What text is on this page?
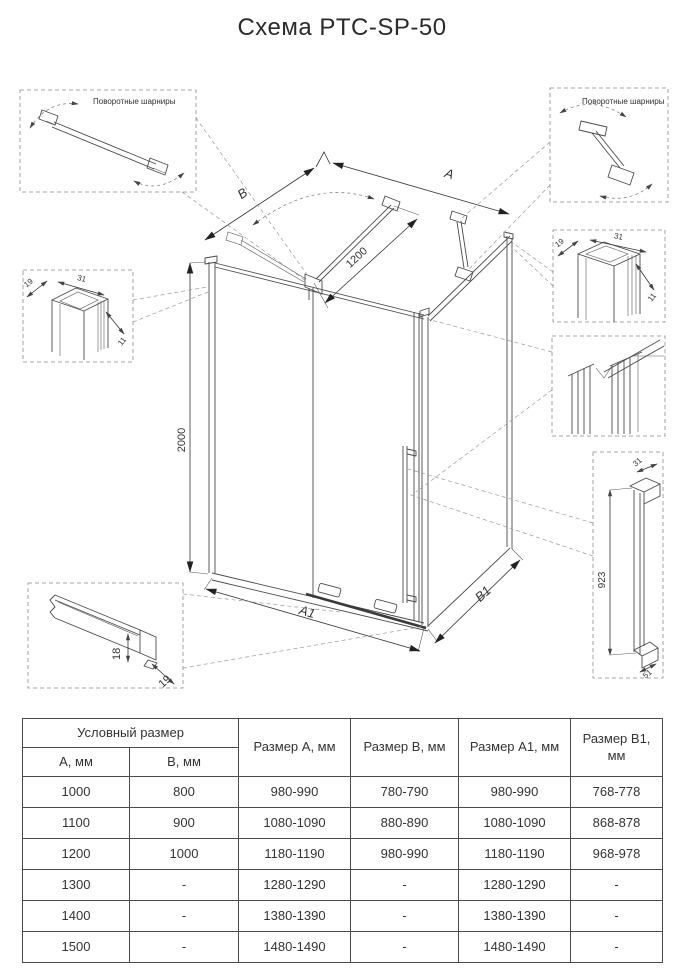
Схема PTC-SP-50
A
B
1200
2000
A1
B1
Поворотные шарниры	Поворотные шарниры
19	31
11
19
31
11
31
923
51
18
19
Условный размер		Размер А, мм	Размер В, мм	Размер А1, мм	Размер В1, мм
А, мм	В, мм				
1000	800	980-990	780-790	980-990	768-778
1100	900	1080-1090	880-890	1080-1090	868-878
1200	1000	1180-1190	980-990	1180-1190	968-978
1300	-	1280-1290	-	1280-1290	-
1400	-	1380-1390	-	1380-1390	-
1500	-	1480-1490	-	1480-1490	-
